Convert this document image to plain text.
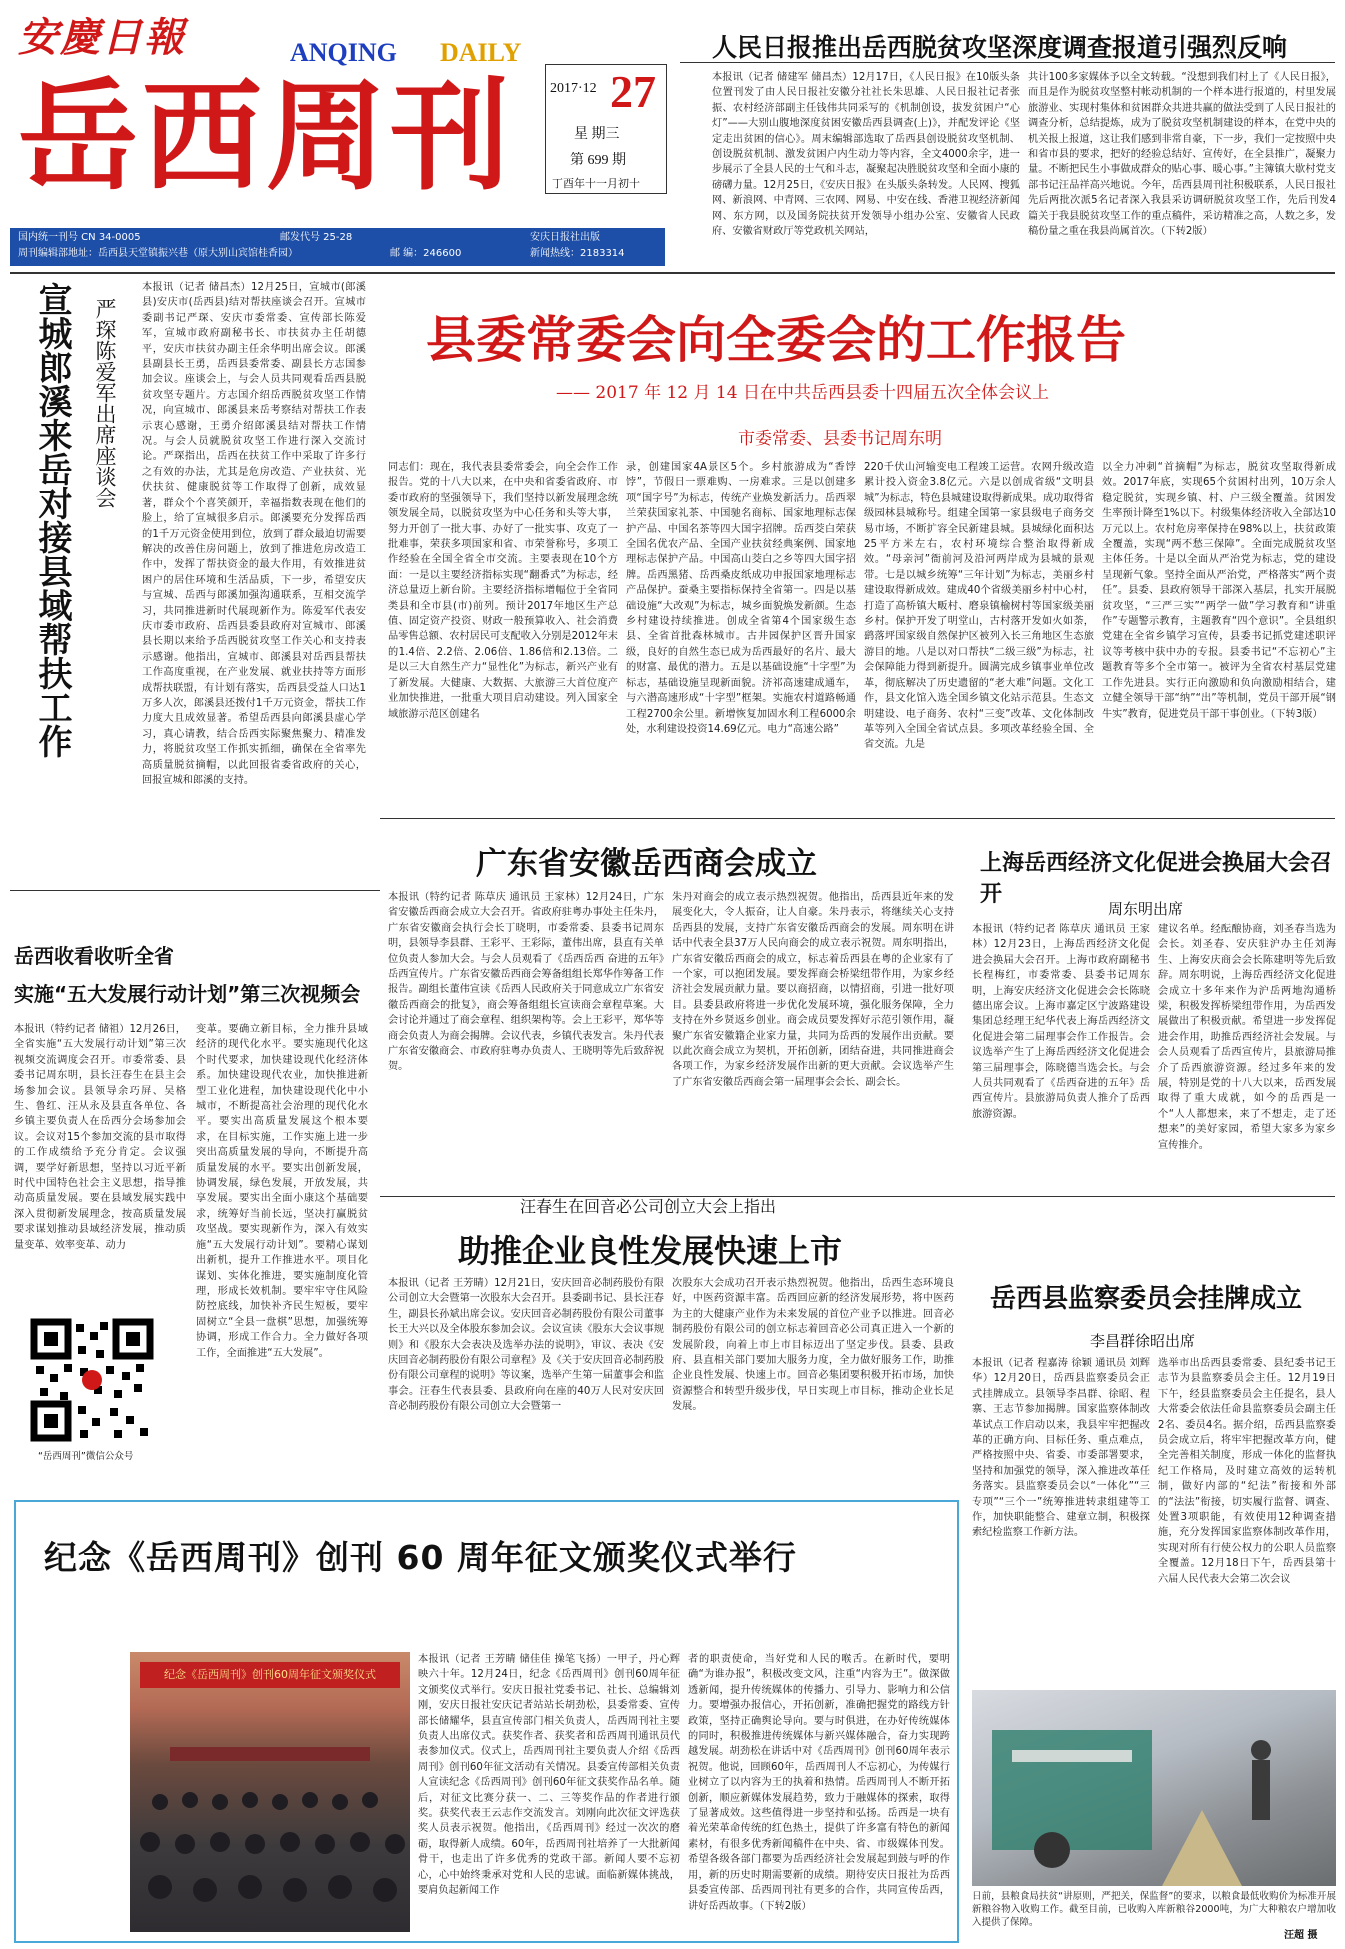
安慶日報	ANQING DAILY
岳西周刊	2017·12 27
星 期三
第 699 期
丁酉年十一月初十
国内统一刊号 CN 34-0005	邮发代号 25-28	安庆日报社出版
周刊编辑部地址：岳西县天堂镇振兴巷（原大别山宾馆桂香园）	邮 编：246600	新闻热线：2183314
人民日报推出岳西脱贫攻坚深度调查报道引强烈反响
本报讯（记者 储建军 储昌杰）12月17日，《人民日报》在10版头条位置刊发了由人民日报社安徽分社社长朱思雄、人民日报社记者张振、农村经济部副主任钱伟共同采写的《机制创设，拔发贫困户“心灯”——大别山腹地深度贫困安徽岳西县调查(上)》，并配发评论《坚定走出贫困的信心》。周末编辑部选取了岳西县创设脱贫攻坚机制、创设脱贫机制、激发贫困户内生动力等内容，全文4000余字，进一步展示了全县人民的士气和斗志，凝聚起决胜脱贫攻坚和全面小康的磅礴力量。12月25日，《安庆日报》在头版头条转发。人民网、搜狐网、新浪网、中青网、三农网、网易、中安在线、香港卫视经济新闻网、东方网，以及国务院扶贫开发领导小组办公室、安徽省人民政府、安徽省财政厅等党政机关网站，
共计100多家媒体予以全文转载。“没想到我们村上了《人民日报》，而且是作为脱贫攻坚整村帐动机制的一个样本进行报道的，村里发展旅游业、实现村集体和贫困群众共进共赢的做法受到了人民日报社的调查分析，总结提炼，成为了脱贫攻坚机制建设的样本，在党中央的机关报上报道，这让我们感到非常自豪，下一步，我们一定按照中央和省市县的要求，把好的经验总结好、宣传好，在全县推广，凝聚力量。不断把民生小事做成群众的贴心事、暖心事。”主簿镇大歇村党支部书记汪品祥高兴地说。今年，岳西县周刊社积极联系，人民日报社先后两批次派5名记者深入我县采访调研脱贫攻坚工作，先后刊发4篇关于我县脱贫攻坚工作的重点稿件，采访精准之高，人数之多，发稿份量之重在我县尚属首次。（下转2版）
宣城郎溪来岳对接县域帮扶工作 严琛陈爱军出席座谈会
本报讯（记者 储昌杰）12月25日，宣城市(郎溪县)安庆市(岳西县)结对帮扶座谈会召开。宣城市委副书记严琛、安庆市委常委、宣传部长陈爱军，宣城市政府副秘书长、市扶贫办主任胡德平，安庆市扶贫办副主任余华明出席会议。郎溪县副县长王勇，岳西县委常委、副县长方志国参加会议。座谈会上，与会人员共同观看岳西县脱贫攻坚专题片。方志国介绍岳西脱贫攻坚工作情况，向宣城市、郎溪县来岳考察结对帮扶工作表示衷心感谢，王勇介绍郎溪县结对帮扶工作情况。与会人员就脱贫攻坚工作进行深入交流讨论。严琛指出，岳西在扶贫工作中采取了许多行之有效的办法，尤其是危房改造、产业扶贫、光伏扶贫、健康脱贫等工作取得了创新，成效显著，群众个个喜笑颜开，幸福指数表现在他们的脸上，给了宣城很多启示。郎溪要充分发挥岳西的1千万元资金使用到位，放到了群众最迫切需要解决的改善住房问题上，放到了推进危房改造工作中，发挥了帮扶资金的最大作用，有效推进贫困户的居住环境和生活品质，下一步，希望安庆与宣城、岳西与郎溪加强沟通联系，互相交流学习，共同推进新时代展现新作为。陈爱军代表安庆市委市政府、岳西县委县政府对宣城市、郎溪县长期以来给予岳西脱贫攻坚工作关心和支持表示感谢。他指出，宣城市、郎溪县对岳西县帮扶工作高度重视，在产业发展、就业扶持等方面形成帮扶联盟，有计划有落实，岳西县受益人口达1万多人次，郎溪县还拨付1千万元资金，帮扶工作力度大且成效显著。希望岳西县向郎溪县虚心学习，真心请教，结合岳西实际聚焦聚力、精准发力，将脱贫攻坚工作抓实抓细，确保在全省率先高质量脱贫摘帽，以此回报省委省政府的关心，回报宣城和郎溪的支持。
县委常委会向全委会的工作报告
—— 2017 年 12 月 14 日在中共岳西县委十四届五次全体会议上
市委常委、县委书记周东明
同志们：现在，我代表县委常委会，向全会作工作报告。党的十八大以来，在中央和省委省政府、市委市政府的坚强领导下，我们坚持以新发展理念统领发展全局，以脱贫攻坚为中心任务和头等大事，努力开创了一批大事、办好了一批实事、攻克了一批难事，荣获多项国家和省、市荣誉称号，多项工作经验在全国全省全市交流。主要表现在10个方面：一是以主要经济指标实现“翻番式”为标志，经济总量迈上新台阶。主要经济指标增幅位于全省同类县和全市县(市)前列。预计2017年地区生产总值、固定资产投资、财政一般预算收入、社会消费品零售总额、农村居民可支配收入分别是2012年末的1.4倍、2.2倍、2.06倍、1.86倍和2.13倍。二是以三大自然生产力“显性化”为标志，新兴产业有了新发展。大健康、大数据、大旅游三大首位度产业加快推进，一批重大项目启动建设。列入国家全域旅游示范区创建名
录，创建国家4A景区5个。乡村旅游成为“香饽饽”，节假日一票难购、一房难求。三是以创建多项“国字号”为标志，传统产业焕发新活力。岳西翠兰荣获国家礼茶、中国驰名商标、国家地理标志保护产品、中国名茶等四大国字招牌。岳西茭白荣获全国名优农产品、全国产业扶贫经典案例、国家地理标志保护产品。中国高山茭白之乡等四大国字招牌。岳西黑猪、岳西桑皮纸成功申报国家地理标志产品保护。蚕桑主要指标保持全省第一。四是以基础设施“大改观”为标志，城乡面貌焕发新颜。生态乡村建设持续推进。创成全省第4个国家级生态县、全省首批森林城市。古井园保护区晋升国家级，良好的自然生态已成为岳西最好的名片、最大的财富、最优的潜力。五是以基础设施“十字型”为标志，基础设施呈现新面貌。济祁高速建成通车，与六潜高速形成“十字型”框架。实施农村道路畅通工程2700余公里。新增恢复加固水利工程6000余处，水利建设投资14.69亿元。电力“高速公路”
220千伏山河输变电工程竣工运营。农网升级改造累计投入资金3.8亿元。六是以创成省级“文明县城”为标志，特色县城建设取得新成果。成功取得省级园林县城称号。组建全国第一家县级电子商务交易市场，不断扩容全民新建县城。县城绿化面积达25平方米左右，农村环境综合整治取得新成效。“母亲河”衙前河及沿河两岸成为县城的景观带。七是以城乡统筹“三年计划”为标志，美丽乡村建设取得新成效。建成40个省级美丽乡村中心村，打造了高桥镇大畈村、磨泉镇榆树村等国家级美丽乡村。保护开发了明堂山，古村落开发如火如荼，鹞落坪国家级自然保护区被列入长三角地区生态旅游目的地。八是以对口帮扶“二级三级”为标志，社会保障能力得到新提升。圆满完成乡镇事业单位改革，彻底解决了历史遗留的“老大难”问题。文化工作，县文化馆入选全国乡镇文化站示范县。生态文明建设、电子商务、农村“三变”改革、文化体制改革等列入全国全省试点县。多项改革经验全国、全省交流。九是
以全力冲刺“首摘帽”为标志，脱贫攻坚取得新成效。2017年底，实现65个贫困村出列，10万余人稳定脱贫，实现乡镇、村、户三级全覆盖。贫困发生率预计降至1%以下。村级集体经济收入全部达10万元以上。农村危房率保持在98%以上，扶贫政策全覆盖，实现“两不愁三保障”。全面完成脱贫攻坚主体任务。十是以全面从严治党为标志，党的建设呈现新气象。坚持全面从严治党，严格落实“两个责任”。县委、县政府领导干部深入基层，扎实开展脱贫攻坚，“三严三实”“两学一做”学习教育和“讲重作”专题警示教育，主题教育“四个意识”。全县组织党建在全省乡镇学习宣传，县委书记抓党建述职评议等考核中获中办的专报。县委书记“不忘初心”主题教育等多个全市第一。被评为全省农村基层党建工作先进县。实行正向激励和负向激励相结合，建立健全领导干部“纳”“出”等机制，党员干部开展“钢牛实”教育，促进党员干部干事创业。（下转3版）
广东省安徽岳西商会成立
本报讯（特约记者 陈草庆 通讯员 王家林）12月24日，广东省安徽岳西商会成立大会召开。省政府驻粤办事处主任朱丹，广东省安徽商会执行会长丁晓明，市委常委、县委书记周东明，县领导李县群、王彩平、王彩际，董伟出席，县直有关单位负责人参加大会。与会人员观看了《岳西岳西 奋进的五年》岳西宣传片。广东省安徽岳西商会筹备组组长郑华作筹备工作报告。副组长董伟宣读《岳西人民政府关于同意成立广东省安徽岳西商会的批复》，商会筹备组组长宣读商会章程草案。大会讨论并通过了商会章程、组织架构等。会上王彩平，郑华等商会负责人为商会揭牌。会议代表，乡镇代表发言。朱丹代表广东省安徽商会、市政府驻粤办负责人、王晓明等先后致辞祝贺。
朱丹对商会的成立表示热烈祝贺。他指出，岳西县近年来的发展变化大，令人振奋，让人自豪。朱丹表示，将继续关心支持岳西县的发展，支持广东省安徽岳西商会的发展。周东明在讲话中代表全县37万人民向商会的成立表示祝贺。周东明指出，广东省安徽岳西商会的成立，标志着岳西县在粤的企业家有了一个家，可以抱团发展。要发挥商会桥梁纽带作用，为家乡经济社会发展贡献力量。要以商招商，以情招商，引进一批好项目。县委县政府将进一步优化发展环境，强化服务保障，全力支持在外乡贤返乡创业。商会成员要发挥好示范引领作用，凝聚广东省安徽籍企业家力量，共同为岳西的发展作出贡献。要以此次商会成立为契机，开拓创新，团结奋进，共同推进商会各项工作，为家乡经济发展作出新的更大贡献。会议选举产生了广东省安徽岳西商会第一届理事会会长、副会长。
上海岳西经济文化促进会换届大会召开
周东明出席
本报讯（特约记者 陈草庆 通讯员 王家林）12月23日，上海岳西经济文化促进会换届大会召开。上海市政府副秘书长程梅红，市委常委、县委书记周东明，上海安庆经济文化促进会会长陈晓德出席会议。上海市嘉定区宁波路建设集团总经理王纪华代表上海岳西经济文化促进会第二届理事会作工作报告。会议选举产生了上海岳西经济文化促进会第三届理事会，陈晓德当选会长。与会人员共同观看了《岳西奋进的五年》岳西宣传片。县旅游局负责人推介了岳西旅游资源。
建议名单。经酝酿协商，刘圣春当选为会长。刘圣春、安庆驻沪办主任刘海生、上海安庆商会会长陈建明等先后致辞。周东明说，上海岳西经济文化促进会成立十多年来作为沪岳两地沟通桥梁，积极发挥桥梁纽带作用，为岳西发展做出了积极贡献。希望进一步发挥促进会作用，助推岳西经济社会发展。与会人员观看了岳西宣传片，县旅游局推介了岳西旅游资源。经过多年来的发展，特别是党的十八大以来，岳西发展取得了重大成就，如今的岳西是一个“人人都想来，来了不想走，走了还想来”的美好家园，希望大家多为家乡宣传推介。
岳西收看收听全省
实施“五大发展行动计划”第三次视频会
本报讯（特约记者 储祖）12月26日，全省实施“五大发展行动计划”第三次视频交流调度会召开。市委常委、县委书记周东明，县长汪春生在县主会场参加会议。县领导余巧屏、吴格生、鲁红、汪从永及县直各单位、各乡镇主要负责人在岳西分会场参加会议。会议对15个参加交流的县市取得的工作成绩给予充分肯定。会议强调，要学好新思想，坚持以习近平新时代中国特色社会主义思想，指导推动高质量发展。要在县域发展实践中深入贯彻新发展理念，按高质量发展要求谋划推动县域经济发展，推动质量变革、效率变革、动力
变革。要确立新目标，全力推升县域经济的现代化水平。要实施现代化这个时代要求，加快建设现代化经济体系。加快建设现代农业，加快推进新型工业化进程，加快建设现代化中小城市，不断提高社会治理的现代化水平。要实出高质量发展这个根本要求，在目标实施，工作实施上进一步突出高质量发展的导向，不断提升高质量发展的水平。要实出创新发展，协调发展，绿色发展，开放发展，共享发展。要实出全面小康这个基础要求，统筹好当前长远，坚决打赢脱贫攻坚战。要实现新作为，深入有效实施“五大发展行动计划”。要精心谋划出新机，提升工作推进水平。项目化谋划、实体化推进，要实施制度化管理，形成长效机制。要牢牢守住风险防控底线，加快补齐民生短板，要牢固树立“全县一盘棋”思想，加强统筹协调，形成工作合力。全力做好各项工作，全面推进“五大发展”。
“岳西周刊”微信公众号
汪春生在回音必公司创立大会上指出
助推企业良性发展快速上市
本报讯（记者 王芳睛）12月21日，安庆回音必制药股份有限公司创立大会暨第一次股东大会召开。县委副书记、县长汪春生，副县长孙斌出席会议。安庆回音必制药股份有限公司董事长王大兴以及全体股东参加会议。会议宣读《股东大会议事规则》和《股东大会表决及选举办法的说明》，审议、表决《安庆回音必制药股份有限公司章程》及《关于安庆回音必制药股份有限公司章程的说明》等议案，选举产生第一届董事会和监事会。汪春生代表县委、县政府向在座的40万人民对安庆回音必制药股份有限公司创立大会暨第一
次股东大会成功召开表示热烈祝贺。他指出，岳西生态环境良好，中医药资源丰富。岳西回应新的经济发展形势，将中医药为主的大健康产业作为未来发展的首位产业予以推进。回音必制药股份有限公司的创立标志着回音必公司真正进入一个新的发展阶段，向着上市上市目标迈出了坚定步伐。县委、县政府、县直相关部门要加大服务力度，全力做好服务工作，助推企业良性发展、快速上市。回音必集团要积极开拓市场，加快资源整合和转型升级步伐，早日实现上市目标，推动企业长足发展。
岳西县监察委员会挂牌成立
李昌群徐昭出席
本报讯（记者 程嘉涛 徐颖 通讯员 刘辉华）12月20日，岳西县监察委员会正式挂牌成立。县领导李昌群、徐昭、程寨、王志节参加揭牌。国家监察体制改革试点工作启动以来，我县牢牢把握改革的正确方向、目标任务、重点难点，严格按照中央、省委、市委部署要求，坚持和加强党的领导，深入推进改革任务落实。县监察委员会以“一体化”“三专项”“三个一”统筹推进转隶组建等工作，加快职能整合、建章立制，积极探索纪检监察工作新方法。
选举市出岳西县委常委、县纪委书记王志节为县监察委员会主任。12月19日下午，经县监察委员会主任提名，县人大常委会依法任命县监察委员会副主任2名、委员4名。据介绍，岳西县监察委员会成立后，将牢牢把握改革方向，健全完善相关制度，形成一体化的监督执纪工作格局，及时建立高效的运转机制，做好内部的“纪法”衔接和外部的“法法”衔接，切实履行监督、调查、处置3项职能，有效使用12种调查措施，充分发挥国家监察体制改革作用，实现对所有行使公权力的公职人员监察全覆盖。12月18日下午，岳西县第十六届人民代表大会第二次会议
纪念《岳西周刊》创刊 60 周年征文颁奖仪式举行
纪念《岳西周刊》创刊60周年征文颁奖仪式
本报讯（记者 王芳睛 储佳佳 操笔飞扬）一甲子，丹心辉映六十年。12月24日，纪念《岳西周刊》创刊60周年征文颁奖仪式举行。安庆日报社党委书记、社长、总编辑刘刚，安庆日报社安庆记者站站长胡劲松，县委常委、宣传部长储耀华，县直宣传部门相关负责人，岳西周刊社主要负责人出席仪式。获奖作者、获奖者和岳西周刊通讯员代表参加仪式。仪式上，岳西周刊社主要负责人介绍《岳西周刊》创刊60年征文活动有关情况。县委宣传部相关负责人宣读纪念《岳西周刊》创刊60年征文获奖作品名单。随后，对征文比赛分获一、二、三等奖作品的作者进行颁奖。获奖代表王云志作交流发言。刘刚向此次征文评选获奖人员表示祝贺。他指出，《岳西周刊》经过一次次的磨砺，取得新人成绩。60年，岳西周刊社培养了一大批新闻骨干，也走出了许多优秀的党政干部。新闻人要不忘初心，心中始终秉承对党和人民的忠诚。面临新媒体挑战，要肩负起新闻工作
者的职责使命，当好党和人民的喉舌。在新时代，要明确“为谁办报”，积极改变文风，注重“内容为王”。做深做透新闻，提升传统媒体的传播力、引导力、影响力和公信力。要增强办报信心，开拓创新，准确把握党的路线方针政策，坚持正确舆论导向。要与时俱进，在办好传统媒体的同时，积极推进传统媒体与新兴媒体融合，奋力实现跨越发展。胡劲松在讲话中对《岳西周刊》创刊60周年表示祝贺。他说，回顾60年，岳西周刊人不忘初心，为传媒行业树立了以内容为王的执着和热情。岳西周刊人不断开拓创新，顺应新媒体发展趋势，致力于融媒体的探索，取得了显著成效。这些值得进一步坚持和弘扬。岳西是一块有着光荣革命传统的红色热土，提供了许多富有特色的新闻素材，有很多优秀新闻稿件在中央、省、市级媒体刊发。希望各级各部门都要为岳西经济社会发展起到鼓与呼的作用，新的历史时期需要新的成绩。期待安庆日报社为岳西县委宣传部、岳西周刊社有更多的合作，共同宣传岳西，讲好岳西故事。（下转2版）
日前，县粮食局扶贫“讲原则，严把关，保监督”的要求，以粮食最低收购价为标准开展新粮谷物入收购工作。截至目前，已收购入库新粮谷2000吨，为广大种粮农户增加收入提供了保障。
汪超 摄
